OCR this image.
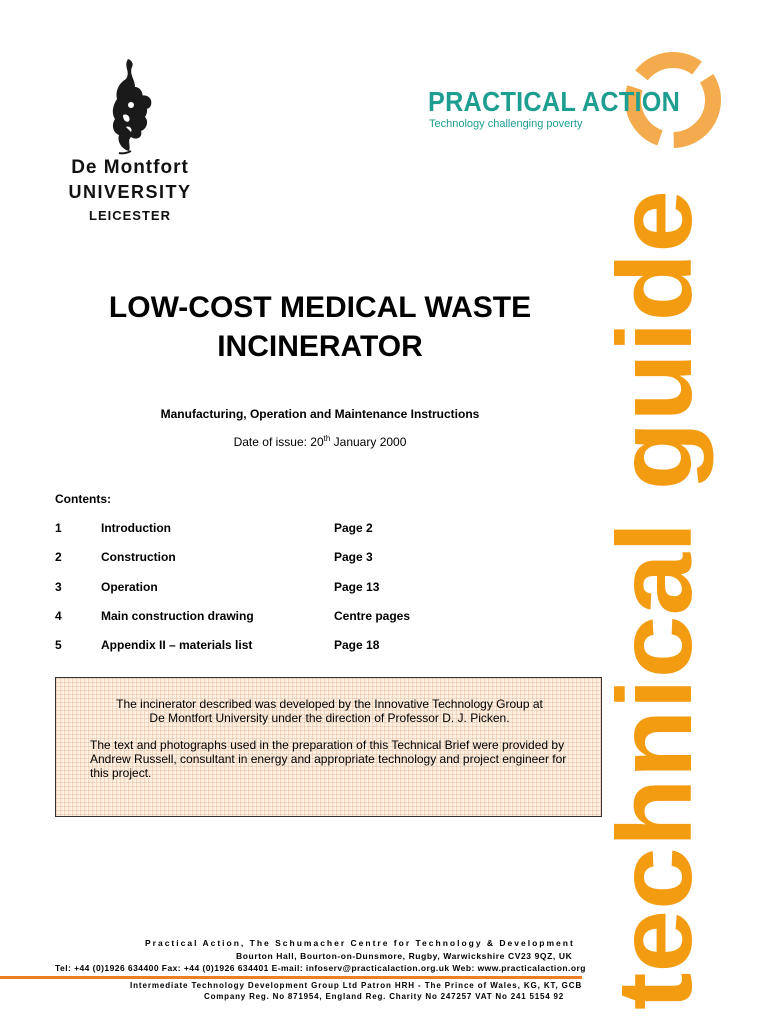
De Montfort
UNIVERSITY
LEICESTER
PRACTICAL ACTION
Technology challenging poverty
technical guide
LOW-COST MEDICAL WASTE
INCINERATOR
Manufacturing, Operation and Maintenance Instructions
Date of issue: 20th January 2000
Contents:
1	Introduction	Page 2
2	Construction	Page 3
3	Operation	Page 13
4	Main construction drawing	Centre pages
5	Appendix II – materials list	Page 18

The incinerator described was developed by the Innovative Technology Group at
De Montfort University under the direction of Professor D. J. Picken.

The text and photographs used in the preparation of this Technical Brief were provided by Andrew Russell, consultant in energy and appropriate technology and project engineer for this project.

Practical Action, The Schumacher Centre for Technology & Development
Bourton Hall, Bourton-on-Dunsmore, Rugby, Warwickshire CV23 9QZ, UK
Tel: +44 (0)1926 634400 Fax: +44 (0)1926 634401 E-mail: infoserv@practicalaction.org.uk Web: www.practicalaction.org
Intermediate Technology Development Group Ltd Patron HRH - The Prince of Wales, KG, KT, GCB
Company Reg. No 871954, England Reg. Charity No 247257 VAT No 241 5154 92
